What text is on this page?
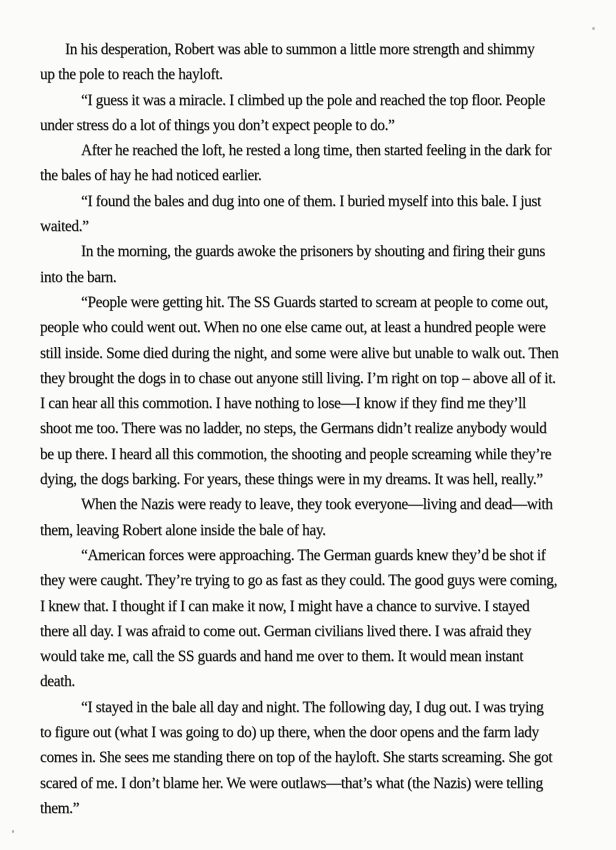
In his desperation, Robert was able to summon a little more strength and shimmy
up the pole to reach the hayloft.

“I guess it was a miracle. I climbed up the pole and reached the top floor. People
under stress do a lot of things you don’t expect people to do.”

After he reached the loft, he rested a long time, then started feeling in the dark for
the bales of hay he had noticed earlier.

“I found the bales and dug into one of them. I buried myself into this bale. I just
waited.”

In the morning, the guards awoke the prisoners by shouting and firing their guns
into the barn.

“People were getting hit. The SS Guards started to scream at people to come out,
people who could went out. When no one else came out, at least a hundred people were
still inside. Some died during the night, and some were alive but unable to walk out. Then
they brought the dogs in to chase out anyone still living. I’m right on top – above all of it.
I can hear all this commotion. I have nothing to lose—I know if they find me they’ll
shoot me too. There was no ladder, no steps, the Germans didn’t realize anybody would
be up there. I heard all this commotion, the shooting and people screaming while they’re
dying, the dogs barking. For years, these things were in my dreams. It was hell, really.”

When the Nazis were ready to leave, they took everyone—living and dead—with
them, leaving Robert alone inside the bale of hay.

“American forces were approaching. The German guards knew they’d be shot if
they were caught. They’re trying to go as fast as they could. The good guys were coming,
I knew that. I thought if I can make it now, I might have a chance to survive. I stayed
there all day. I was afraid to come out. German civilians lived there. I was afraid they
would take me, call the SS guards and hand me over to them. It would mean instant
death.

“I stayed in the bale all day and night. The following day, I dug out. I was trying
to figure out (what I was going to do) up there, when the door opens and the farm lady
comes in. She sees me standing there on top of the hayloft. She starts screaming. She got
scared of me. I don’t blame her. We were outlaws—that’s what (the Nazis) were telling
them.”
